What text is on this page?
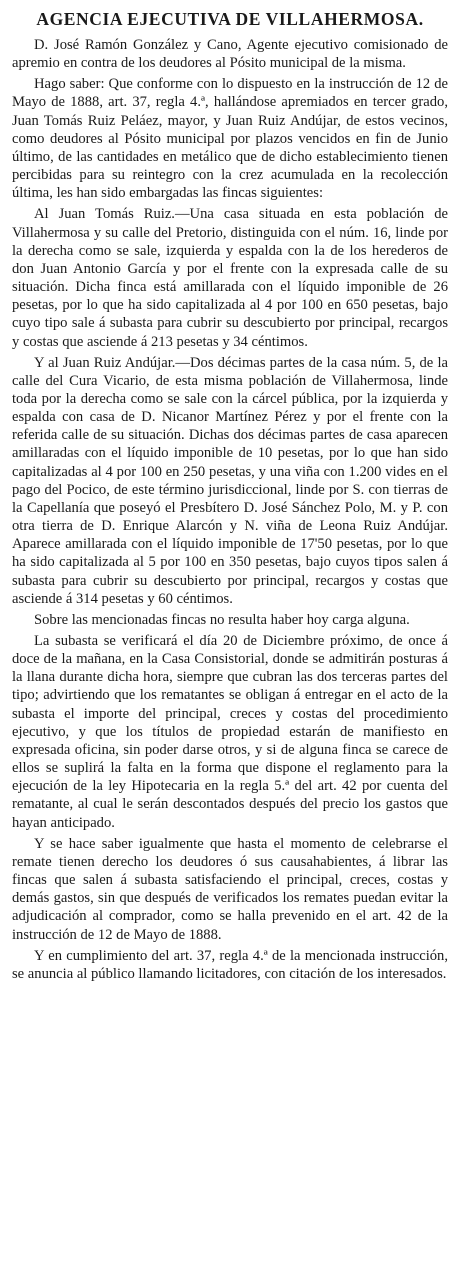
AGENCIA EJECUTIVA DE VILLAHERMOSA.

D. José Ramón González y Cano, Agente ejecutivo comisionado de apremio en contra de los deudores al Pósito municipal de la misma.

Hago saber: Que conforme con lo dispuesto en la instrucción de 12 de Mayo de 1888, art. 37, regla 4.ª, hallándose apremiados en tercer grado, Juan Tomás Ruiz Peláez, mayor, y Juan Ruiz Andújar, de estos vecinos, como deudores al Pósito municipal por plazos vencidos en fin de Junio último, de las cantidades en metálico que de dicho establecimiento tienen percibidas para su reintegro con la crez acumulada en la recolección última, les han sido embargadas las fincas siguientes:

Al Juan Tomás Ruiz.—Una casa situada en esta población de Villahermosa y su calle del Pretorio, distinguida con el núm. 16, linde por la derecha como se sale, izquierda y espalda con la de los herederos de don Juan Antonio García y por el frente con la expresada calle de su situación. Dicha finca está amillarada con el líquido imponible de 26 pesetas, por lo que ha sido capitalizada al 4 por 100 en 650 pesetas, bajo cuyo tipo sale á subasta para cubrir su descubierto por principal, recargos y costas que asciende á 213 pesetas y 34 céntimos.

Y al Juan Ruiz Andújar.—Dos décimas partes de la casa núm. 5, de la calle del Cura Vicario, de esta misma población de Villahermosa, linde toda por la derecha como se sale con la cárcel pública, por la izquierda y espalda con casa de D. Nicanor Martínez Pérez y por el frente con la referida calle de su situación. Dichas dos décimas partes de casa aparecen amillaradas con el líquido imponible de 10 pesetas, por lo que han sido capitalizadas al 4 por 100 en 250 pesetas, y una viña con 1.200 vides en el pago del Pocico, de este término jurisdiccional, linde por S. con tierras de la Capellanía que poseyó el Presbítero D. José Sánchez Polo, M. y P. con otra tierra de D. Enrique Alarcón y N. viña de Leona Ruiz Andújar. Aparece amillarada con el líquido imponible de 17'50 pesetas, por lo que ha sido capitalizada al 5 por 100 en 350 pesetas, bajo cuyos tipos salen á subasta para cubrir su descubierto por principal, recargos y costas que asciende á 314 pesetas y 60 céntimos.

Sobre las mencionadas fincas no resulta haber hoy carga alguna.

La subasta se verificará el día 20 de Diciembre próximo, de once á doce de la mañana, en la Casa Consistorial, donde se admitirán posturas á la llana durante dicha hora, siempre que cubran las dos terceras partes del tipo; advirtiendo que los rematantes se obligan á entregar en el acto de la subasta el importe del principal, creces y costas del procedimiento ejecutivo, y que los títulos de propiedad estarán de manifiesto en expresada oficina, sin poder darse otros, y si de alguna finca se carece de ellos se suplirá la falta en la forma que dispone el reglamento para la ejecución de la ley Hipotecaria en la regla 5.ª del art. 42 por cuenta del rematante, al cual le serán descontados después del precio los gastos que hayan anticipado.

Y se hace saber igualmente que hasta el momento de celebrarse el remate tienen derecho los deudores ó sus causahabientes, á librar las fincas que salen á subasta satisfaciendo el principal, creces, costas y demás gastos, sin que después de verificados los remates puedan evitar la adjudicación al comprador, como se halla prevenido en el art. 42 de la instrucción de 12 de Mayo de 1888.

Y en cumplimiento del art. 37, regla 4.ª de la mencionada instrucción, se anuncia al público llamando licitadores, con citación de los interesados.
